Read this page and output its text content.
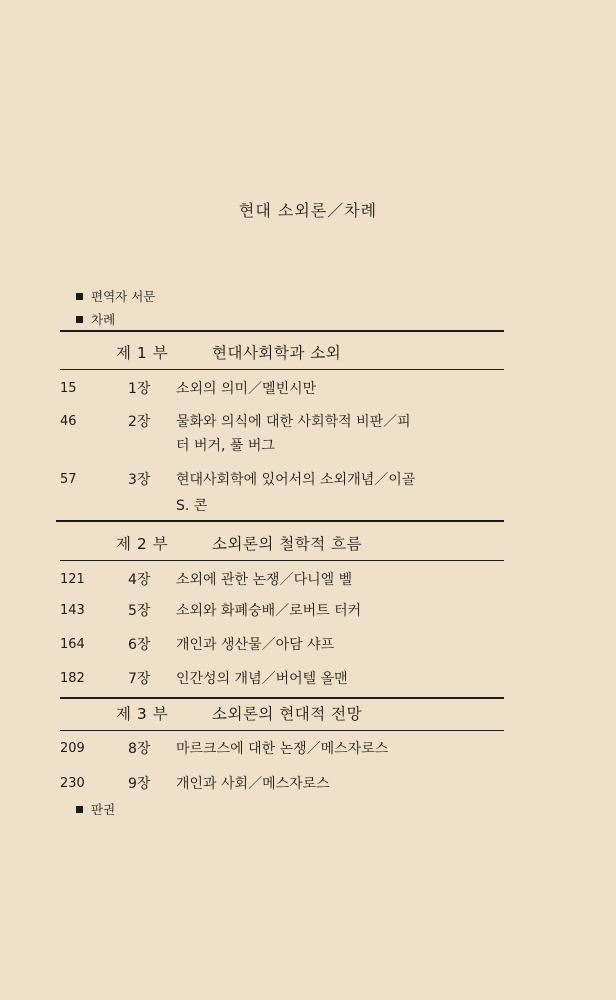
현대 소외론／차례
편역자 서문
차례
제 1 부	현대사회학과 소외
15	1장	소외의 의미／멜빈시만
46	2장	물화와 의식에 대한 사회학적 비판／피
터 버거, 풀 버그
57	3장	현대사회학에 있어서의 소외개념／이골
S. 콘
제 2 부	소외론의 철학적 흐름
121	4장	소외에 관한 논쟁／다니엘 벨
143	5장	소외와 화폐숭배／로버트 터커
164	6장	개인과 생산물／아담 샤프
182	7장	인간성의 개념／버어텔 올맨
제 3 부	소외론의 현대적 전망
209	8장	마르크스에 대한 논쟁／메스자로스
230	9장	개인과 사회／메스자로스
판권
